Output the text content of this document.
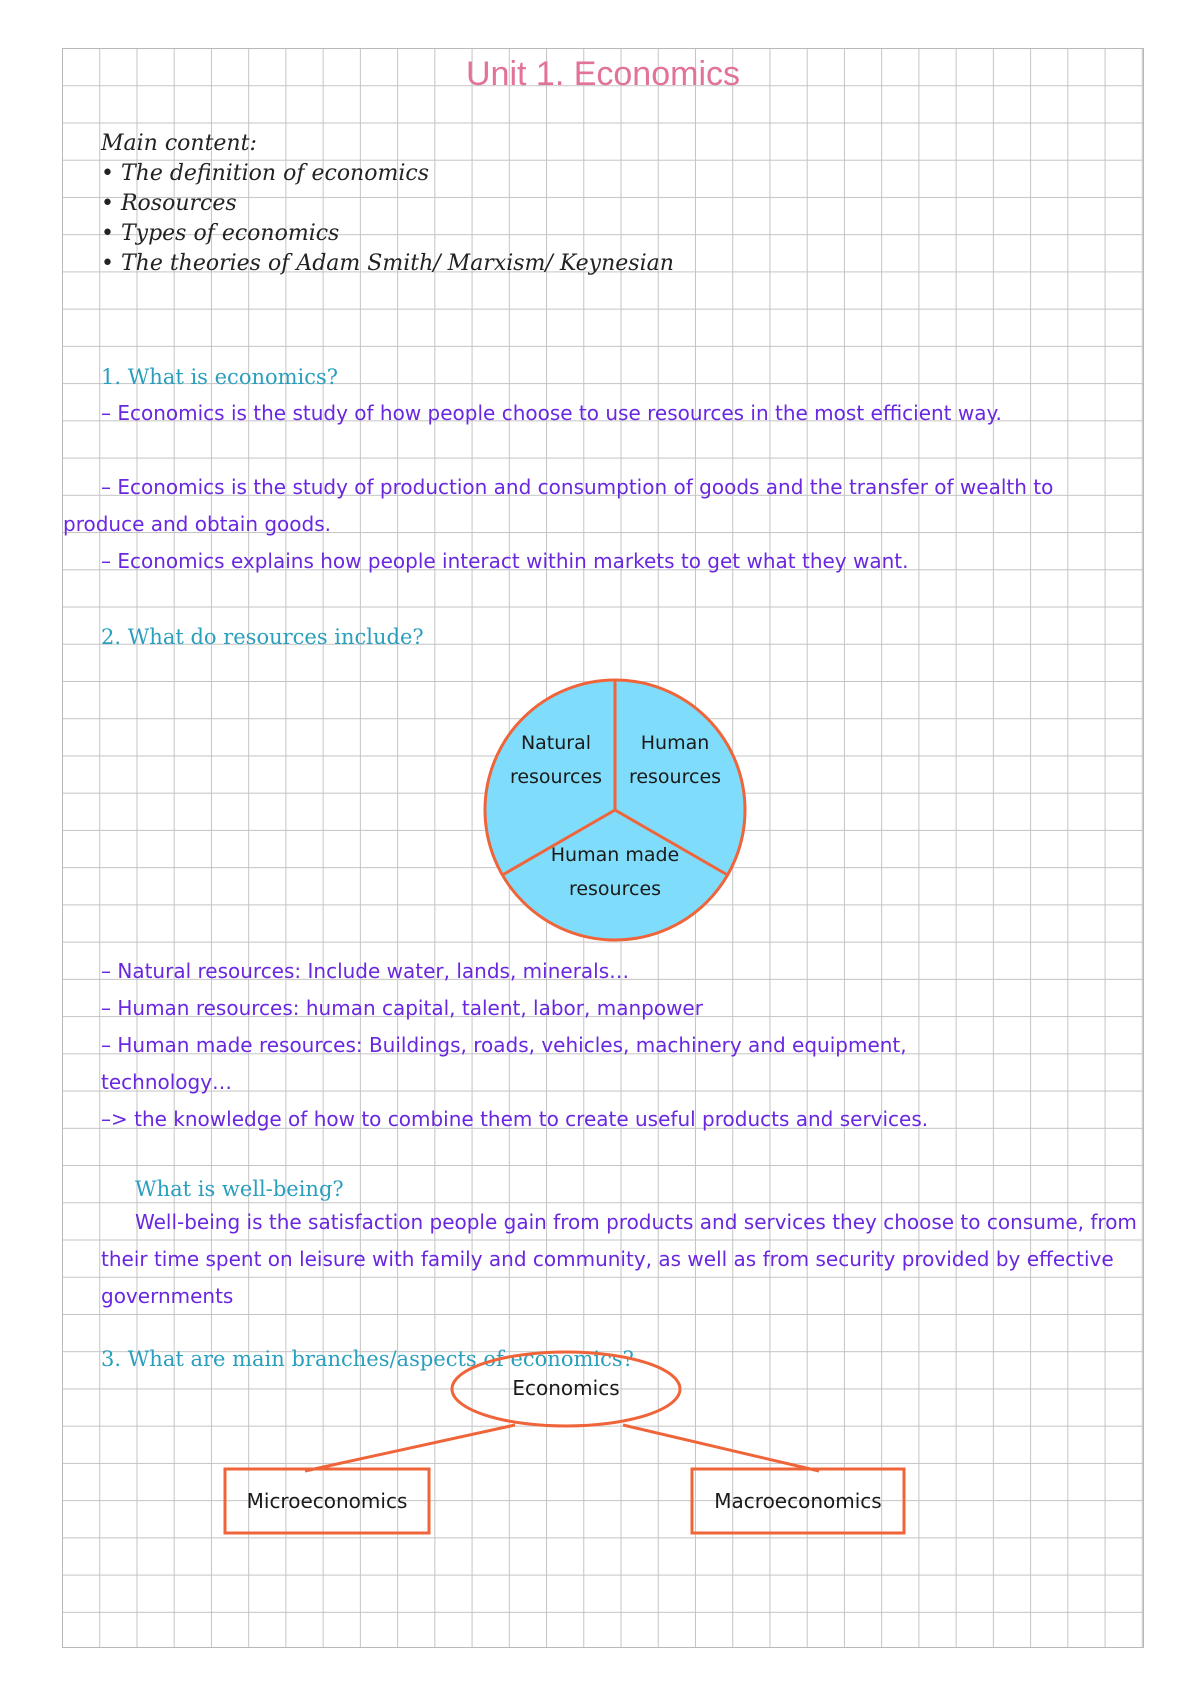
Unit 1. Economics
Main content:
• The definition of economics
• Rosources
• Types of economics
• The theories of Adam Smith/ Marxism/ Keynesian
1. What is economics?
– Economics is the study of how people choose to use resources in the most efficient way.
– Economics is the study of production and consumption of goods and the transfer of wealth to produce and obtain goods.
– Economics explains how people interact within markets to get what they want.
2. What do resources include?
Natural
resources
Human
resources
Human made
resources
– Natural resources: Include water, lands, minerals…
– Human resources: human capital, talent, labor, manpower
– Human made resources: Buildings, roads, vehicles, machinery and equipment, technology…
–> the knowledge of how to combine them to create useful products and services.
What is well-being?
Well-being is the satisfaction people gain from products and services they choose to consume, from their time spent on leisure with family and community, as well as from security provided by effective governments
3. What are main branches/aspects of economics?
Economics
Microeconomics	Macroeconomics
